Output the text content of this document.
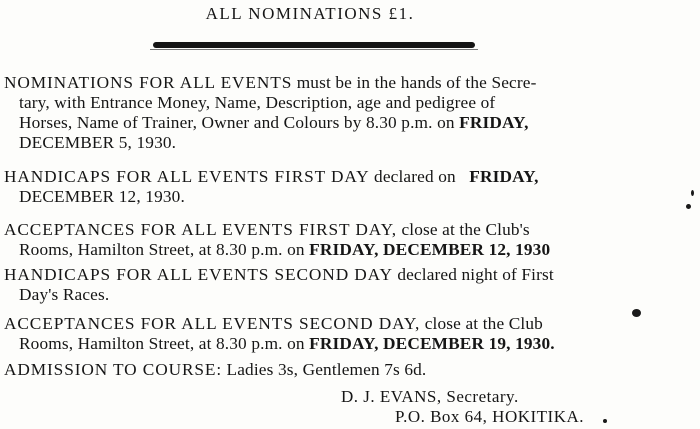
ALL NOMINATIONS £1.
NOMINATIONS FOR ALL EVENTS must be in the hands of the Secre-
tary, with Entrance Money, Name, Description, age and pedigree of
Horses, Name of Trainer, Owner and Colours by 8.30 p.m. on FRIDAY,
DECEMBER 5, 1930.
HANDICAPS FOR ALL EVENTS FIRST DAY declared on   FRIDAY,
DECEMBER 12, 1930.
ACCEPTANCES FOR ALL EVENTS FIRST DAY, close at the Club's
Rooms, Hamilton Street, at 8.30 p.m. on FRIDAY, DECEMBER 12, 1930
HANDICAPS FOR ALL EVENTS SECOND DAY declared night of First
Day's Races.
ACCEPTANCES FOR ALL EVENTS SECOND DAY, close at the Club
Rooms, Hamilton Street, at 8.30 p.m. on FRIDAY, DECEMBER 19, 1930.
ADMISSION TO COURSE: Ladies 3s, Gentlemen 7s 6d.
D. J. EVANS, Secretary.
P.O. Box 64, HOKITIKA.
